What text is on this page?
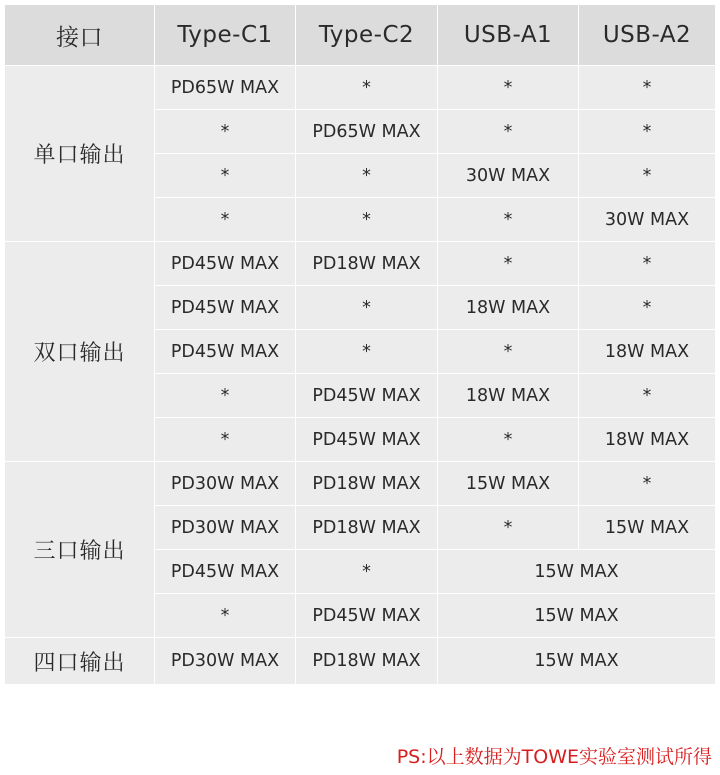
接口	Type-C1	Type-C2	USB-A1	USB-A2
单口输出	PD65W MAX	*	*	*
	*	PD65W MAX	*	*
	*	*	30W MAX	*
	*	*	*	30W MAX
双口输出	PD45W MAX	PD18W MAX	*	*
	PD45W MAX	*	18W MAX	*
	PD45W MAX	*	*	18W MAX
	*	PD45W MAX	18W MAX	*
	*	PD45W MAX	*	18W MAX
三口输出	PD30W MAX	PD18W MAX	15W MAX	*
	PD30W MAX	PD18W MAX	*	15W MAX
	PD45W MAX	*	15W MAX	
	*	PD45W MAX	15W MAX	
四口输出	PD30W MAX	PD18W MAX	15W MAX	
PS:以上数据为TOWE实验室测试所得
